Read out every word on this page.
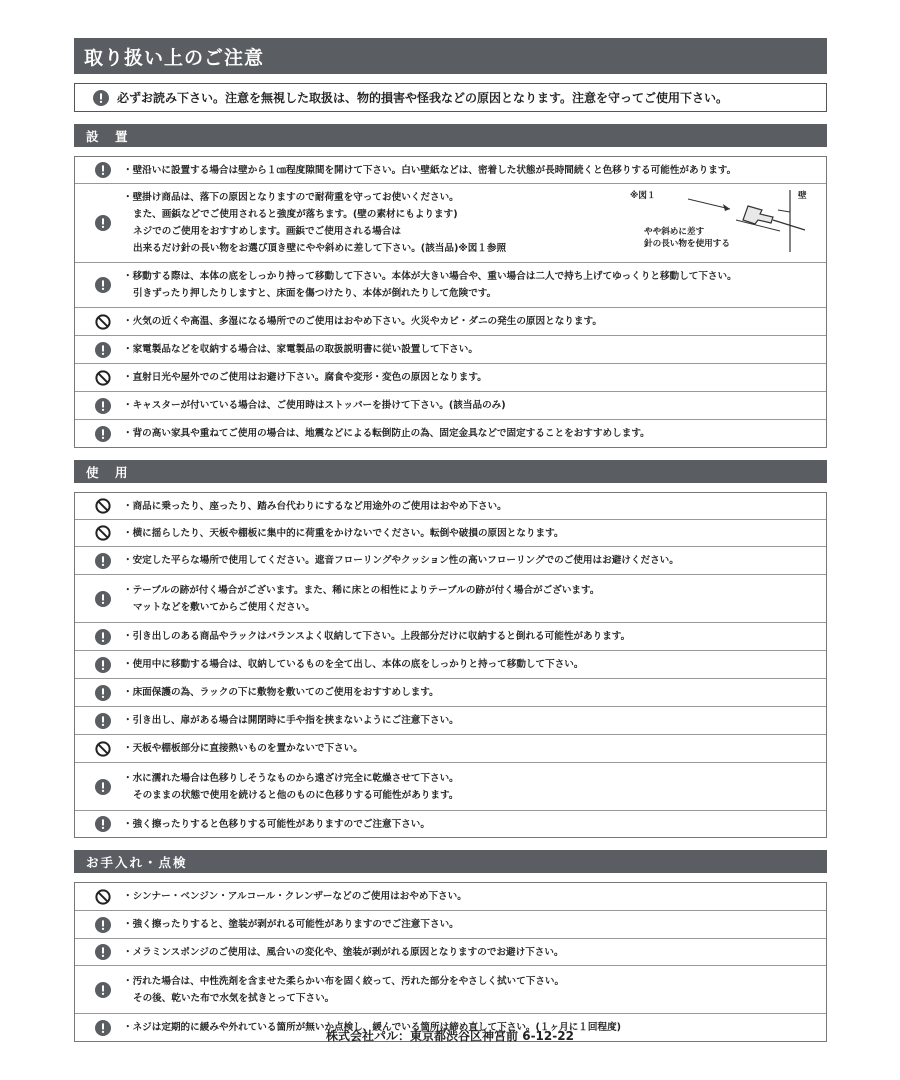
取り扱い上のご注意
必ずお読み下さい。注意を無視した取扱は、物的損害や怪我などの原因となります。注意を守ってご使用下さい。
設　置
・壁沿いに設置する場合は壁から１㎝程度隙間を開けて下さい。白い壁紙などは、密着した状態が長時間続くと色移りする可能性があります。
・壁掛け商品は、落下の原因となりますので耐荷重を守ってお使いください。
また、画鋲などでご使用されると強度が落ちます。(壁の素材にもよります)
ネジでのご使用をおすすめします。画鋲でご使用される場合は
出来るだけ針の長い物をお選び頂き壁にやや斜めに差して下さい。(該当品)※図１参照
※図１	壁
やや斜めに差す
針の長い物を使用する
・移動する際は、本体の底をしっかり持って移動して下さい。本体が大きい場合や、重い場合は二人で持ち上げてゆっくりと移動して下さい。
引きずったり押したりしますと、床面を傷つけたり、本体が倒れたりして危険です。
・火気の近くや高温、多湿になる場所でのご使用はおやめ下さい。火災やカビ・ダニの発生の原因となります。
・家電製品などを収納する場合は、家電製品の取扱説明書に従い設置して下さい。
・直射日光や屋外でのご使用はお避け下さい。腐食や変形・変色の原因となります。
・キャスターが付いている場合は、ご使用時はストッパーを掛けて下さい。(該当品のみ)
・背の高い家具や重ねてご使用の場合は、地震などによる転倒防止の為、固定金具などで固定することをおすすめします。
使　用
・商品に乗ったり、座ったり、踏み台代わりにするなど用途外のご使用はおやめ下さい。
・横に揺らしたり、天板や棚板に集中的に荷重をかけないでください。転倒や破損の原因となります。
・安定した平らな場所で使用してください。遮音フローリングやクッション性の高いフローリングでのご使用はお避けください。
・テーブルの跡が付く場合がございます。また、稀に床との相性によりテーブルの跡が付く場合がございます。
マットなどを敷いてからご使用ください。
・引き出しのある商品やラックはバランスよく収納して下さい。上段部分だけに収納すると倒れる可能性があります。
・使用中に移動する場合は、収納しているものを全て出し、本体の底をしっかりと持って移動して下さい。
・床面保護の為、ラックの下に敷物を敷いてのご使用をおすすめします。
・引き出し、扉がある場合は開閉時に手や指を挟まないようにご注意下さい。
・天板や棚板部分に直接熱いものを置かないで下さい。
・水に濡れた場合は色移りしそうなものから遠ざけ完全に乾燥させて下さい。
そのままの状態で使用を続けると他のものに色移りする可能性があります。
・強く擦ったりすると色移りする可能性がありますのでご注意下さい。
お手入れ・点検
・シンナー・ベンジン・アルコール・クレンザーなどのご使用はおやめ下さい。
・強く擦ったりすると、塗装が剥がれる可能性がありますのでご注意下さい。
・メラミンスポンジのご使用は、風合いの変化や、塗装が剥がれる原因となりますのでお避け下さい。
・汚れた場合は、中性洗剤を含ませた柔らかい布を固く絞って、汚れた部分をやさしく拭いて下さい。
その後、乾いた布で水気を拭きとって下さい。
・ネジは定期的に緩みや外れている箇所が無いか点検し、緩んでいる箇所は締め直して下さい。(１ヶ月に１回程度)
株式会社パル：東京都渋谷区神宮前 6-12-22
